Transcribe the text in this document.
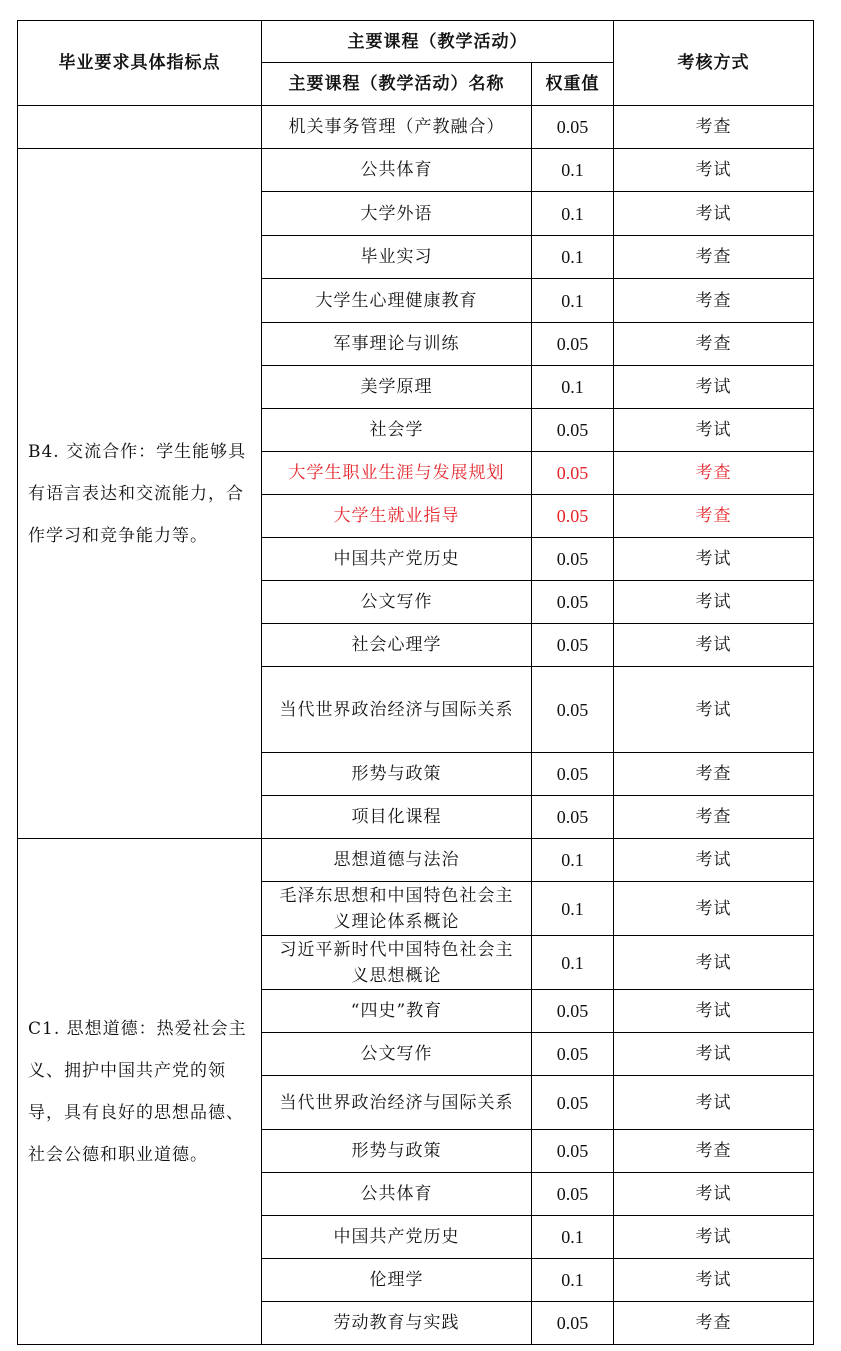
毕业要求具体指标点	主要课程（教学活动）		考核方式
	主要课程（教学活动）名称	权重值	
	机关事务管理（产教融合）	0.05	考查
B4. 交流合作：学生能够具有语言表达和交流能力，合作学习和竞争能力等。	公共体育	0.1	考试
	大学外语	0.1	考试
	毕业实习	0.1	考查
	大学生心理健康教育	0.1	考查
	军事理论与训练	0.05	考查
	美学原理	0.1	考试
	社会学	0.05	考试
	大学生职业生涯与发展规划	0.05	考查
	大学生就业指导	0.05	考查
	中国共产党历史	0.05	考试
	公文写作	0.05	考试
	社会心理学	0.05	考试
	当代世界政治经济与国际关系	0.05	考试
	形势与政策	0.05	考查
	项目化课程	0.05	考查
C1. 思想道德：热爱社会主义、拥护中国共产党的领导，具有良好的思想品德、社会公德和职业道德。	思想道德与法治	0.1	考试
	毛泽东思想和中国特色社会主义理论体系概论	0.1	考试
	习近平新时代中国特色社会主义思想概论	0.1	考试
	“四史”教育	0.05	考试
	公文写作	0.05	考试
	当代世界政治经济与国际关系	0.05	考试
	形势与政策	0.05	考查
	公共体育	0.05	考试
	中国共产党历史	0.1	考试
	伦理学	0.1	考试
	劳动教育与实践	0.05	考查
